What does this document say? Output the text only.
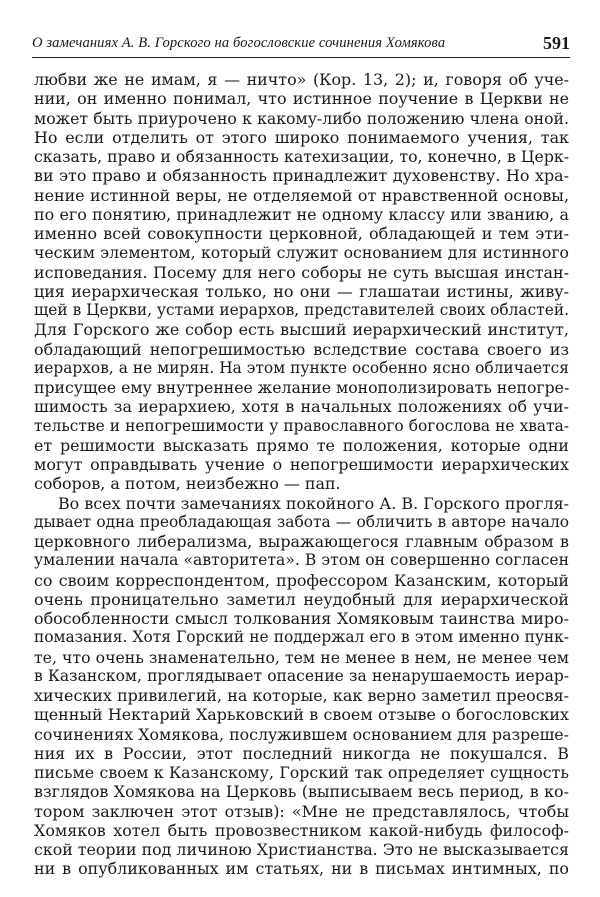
О замечаниях А. В. Горского на богословские сочинения Хомякова	591
любви же не имам, я — ничто» (Кор. 13, 2); и, говоря об уче-
нии, он именно понимал, что истинное поучение в Церкви не
может быть приурочено к какому-либо положению члена оной.
Но если отделить от этого широко понимаемого учения, так
сказать, право и обязанность катехизации, то, конечно, в Церк-
ви это право и обязанность принадлежит духовенству. Но хра-
нение истинной веры, не отделяемой от нравственной основы,
по его понятию, принадлежит не одному классу или званию, а
именно всей совокупности церковной, обладающей и тем эти-
ческим элементом, который служит основанием для истинного
исповедания. Посему для него соборы не суть высшая инстан-
ция иерархическая только, но они — глашатаи истины, живу-
щей в Церкви, устами иерархов, представителей своих областей.
Для Горского же собор есть высший иерархический институт,
обладающий непогрешимостью вследствие состава своего из
иерархов, а не мирян. На этом пункте особенно ясно обличается
присущее ему внутреннее желание монополизировать непогре-
шимость за иерархиею, хотя в начальных положениях об учи-
тельстве и непогрешимости у православного богослова не хвата-
ет решимости высказать прямо те положения, которые одни
могут оправдывать учение о непогрешимости иерархических
соборов, а потом, неизбежно — пап.
Во всех почти замечаниях покойного А. В. Горского прогля-
дывает одна преобладающая забота — обличить в авторе начало
церковного либерализма, выражающегося главным образом в
умалении начала «авторитета». В этом он совершенно согласен
со своим корреспондентом, профессором Казанским, который
очень проницательно заметил неудобный для иерархической
обособленности смысл толкования Хомяковым таинства миро-
помазания. Хотя Горский не поддержал его в этом именно пунк-
те, что очень знаменательно, тем не менее в нем, не менее чем
в Казанском, проглядывает опасение за ненарушаемость иерар-
хических привилегий, на которые, как верно заметил преосвя-
щенный Нектарий Харьковский в своем отзыве о богословских
сочинениях Хомякова, послужившем основанием для разреше-
ния их в России, этот последний никогда не покушался. В
письме своем к Казанскому, Горский так определяет сущность
взглядов Хомякова на Церковь (выписываем весь период, в ко-
тором заключен этот отзыв): «Мне не представлялось, чтобы
Хомяков хотел быть провозвестником какой-нибудь философ-
ской теории под личиною Христианства. Это не высказывается
ни в опубликованных им статьях, ни в письмах интимных, по
